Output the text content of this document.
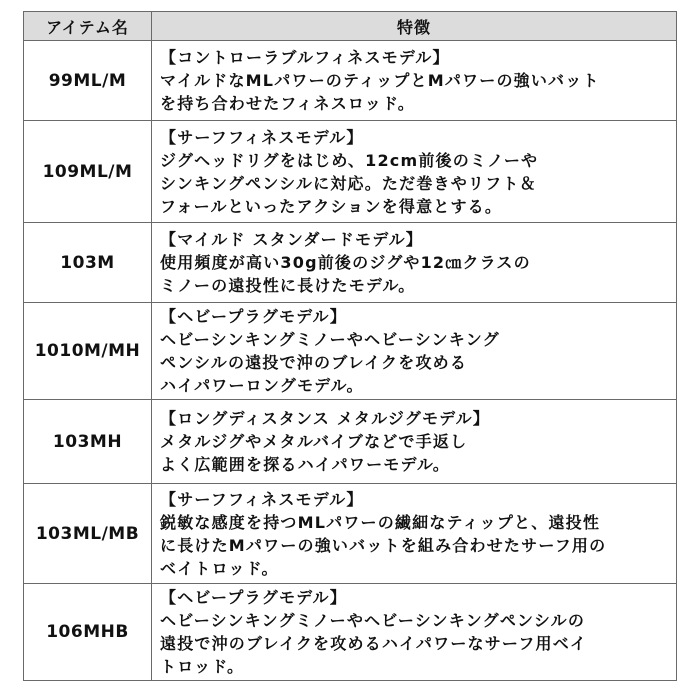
アイテム名	特徴
99ML/M	【コントローラブルフィネスモデル】
マイルドなMLパワーのティップとMパワーの強いバット
を持ち合わせたフィネスロッド。

109ML/M	【サーフフィネスモデル】
ジグヘッドリグをはじめ、12cm前後のミノーや
シンキングペンシルに対応。ただ巻きやリフト＆
フォールといったアクションを得意とする。

103M	【マイルド スタンダードモデル】
使用頻度が高い30g前後のジグや12㎝クラスの
ミノーの遠投性に長けたモデル。

1010M/MH	【ヘビープラグモデル】
ヘビーシンキングミノーやヘビーシンキング
ペンシルの遠投で沖のブレイクを攻める
ハイパワーロングモデル。

103MH	【ロングディスタンス メタルジグモデル】
メタルジグやメタルバイブなどで手返し
よく広範囲を探るハイパワーモデル。

103ML/MB	【サーフフィネスモデル】
鋭敏な感度を持つMLパワーの繊細なティップと、遠投性
に長けたMパワーの強いバットを組み合わせたサーフ用の
ベイトロッド。

106MHB	【ヘビープラグモデル】
ヘビーシンキングミノーやヘビーシンキングペンシルの
遠投で沖のブレイクを攻めるハイパワーなサーフ用ベイ
トロッド。
